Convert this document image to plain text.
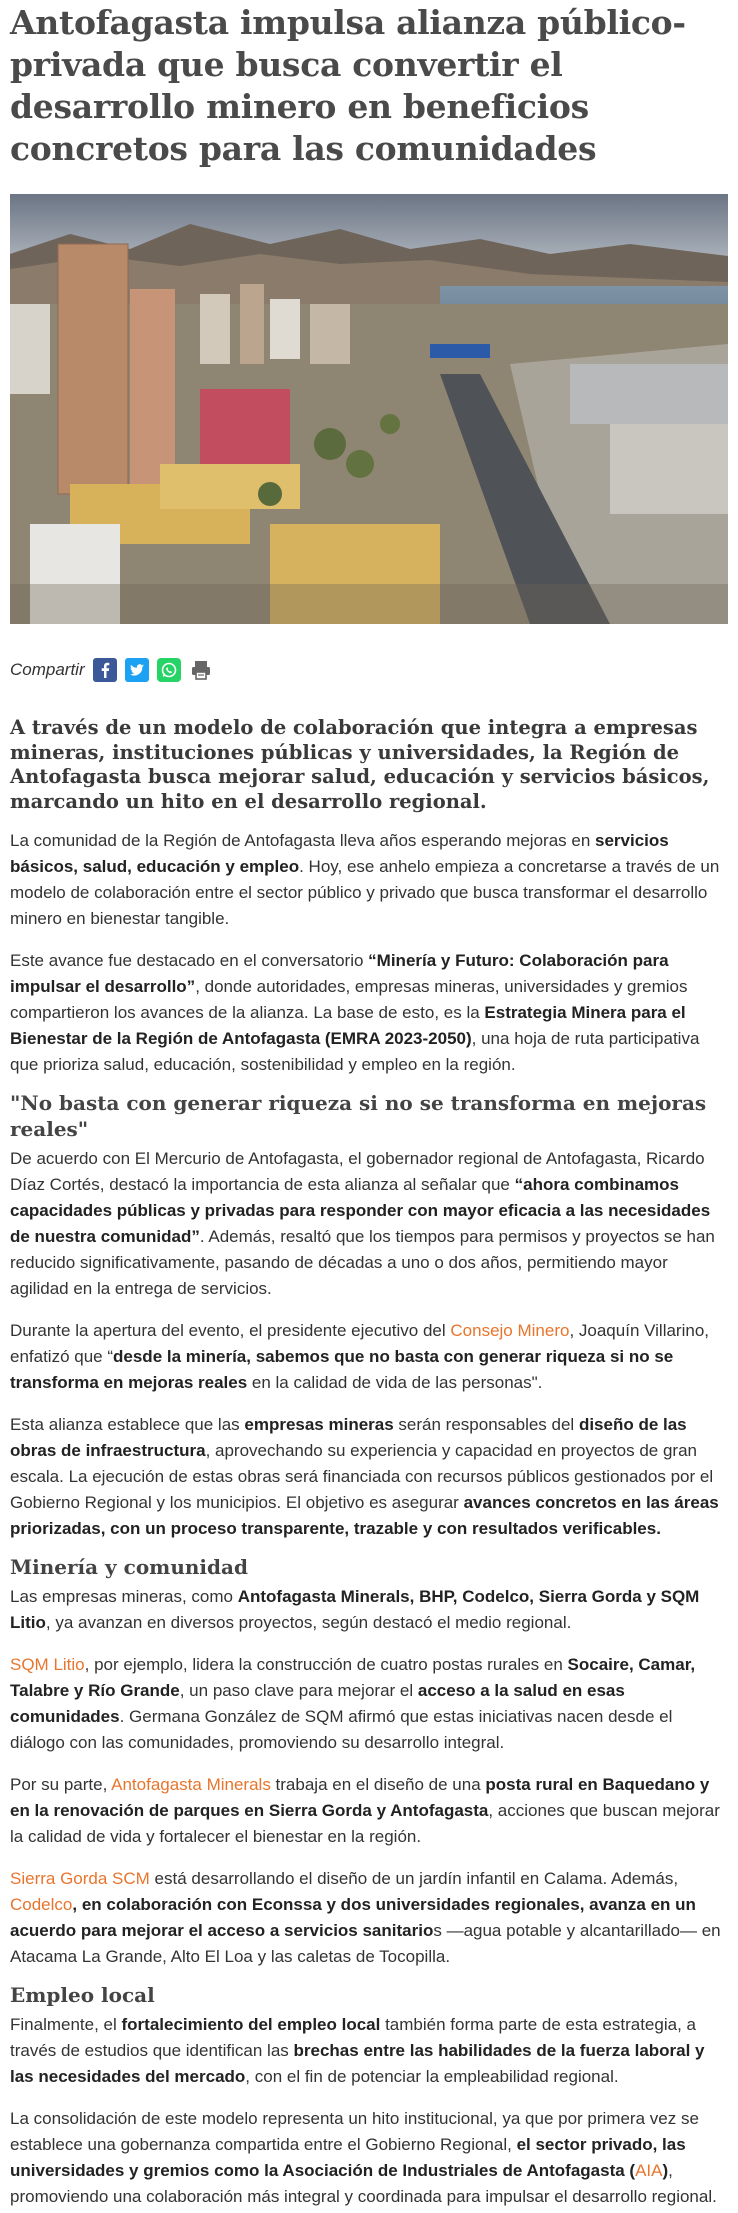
Antofagasta impulsa alianza público-privada que busca convertir el desarrollo minero en beneficios concretos para las comunidades
Compartir

A través de un modelo de colaboración que integra a empresas mineras, instituciones públicas y universidades, la Región de Antofagasta busca mejorar salud, educación y servicios básicos, marcando un hito en el desarrollo regional.

La comunidad de la Región de Antofagasta lleva años esperando mejoras en servicios básicos, salud, educación y empleo. Hoy, ese anhelo empieza a concretarse a través de un modelo de colaboración entre el sector público y privado que busca transformar el desarrollo minero en bienestar tangible.

Este avance fue destacado en el conversatorio “Minería y Futuro: Colaboración para impulsar el desarrollo”, donde autoridades, empresas mineras, universidades y gremios compartieron los avances de la alianza. La base de esto, es la Estrategia Minera para el Bienestar de la Región de Antofagasta (EMRA 2023-2050), una hoja de ruta participativa que prioriza salud, educación, sostenibilidad y empleo en la región.

"No basta con generar riqueza si no se transforma en mejoras reales"

De acuerdo con El Mercurio de Antofagasta, el gobernador regional de Antofagasta, Ricardo Díaz Cortés, destacó la importancia de esta alianza al señalar que “ahora combinamos capacidades públicas y privadas para responder con mayor eficacia a las necesidades de nuestra comunidad”. Además, resaltó que los tiempos para permisos y proyectos se han reducido significativamente, pasando de décadas a uno o dos años, permitiendo mayor agilidad en la entrega de servicios.

Durante la apertura del evento, el presidente ejecutivo del Consejo Minero, Joaquín Villarino, enfatizó que “desde la minería, sabemos que no basta con generar riqueza si no se transforma en mejoras reales en la calidad de vida de las personas".

Esta alianza establece que las empresas mineras serán responsables del diseño de las obras de infraestructura, aprovechando su experiencia y capacidad en proyectos de gran escala. La ejecución de estas obras será financiada con recursos públicos gestionados por el Gobierno Regional y los municipios. El objetivo es asegurar avances concretos en las áreas priorizadas, con un proceso transparente, trazable y con resultados verificables.

Minería y comunidad

Las empresas mineras, como Antofagasta Minerals, BHP, Codelco, Sierra Gorda y SQM Litio, ya avanzan en diversos proyectos, según destacó el medio regional.

SQM Litio, por ejemplo, lidera la construcción de cuatro postas rurales en Socaire, Camar, Talabre y Río Grande, un paso clave para mejorar el acceso a la salud en esas comunidades. Germana González de SQM afirmó que estas iniciativas nacen desde el diálogo con las comunidades, promoviendo su desarrollo integral.

Por su parte, Antofagasta Minerals trabaja en el diseño de una posta rural en Baquedano y en la renovación de parques en Sierra Gorda y Antofagasta, acciones que buscan mejorar la calidad de vida y fortalecer el bienestar en la región.

Sierra Gorda SCM está desarrollando el diseño de un jardín infantil en Calama. Además, Codelco, en colaboración con Econssa y dos universidades regionales, avanza en un acuerdo para mejorar el acceso a servicios sanitarios —agua potable y alcantarillado— en Atacama La Grande, Alto El Loa y las caletas de Tocopilla.

Empleo local

Finalmente, el fortalecimiento del empleo local también forma parte de esta estrategia, a través de estudios que identifican las brechas entre las habilidades de la fuerza laboral y las necesidades del mercado, con el fin de potenciar la empleabilidad regional.

La consolidación de este modelo representa un hito institucional, ya que por primera vez se establece una gobernanza compartida entre el Gobierno Regional, el sector privado, las universidades y gremios como la Asociación de Industriales de Antofagasta (AIA), promoviendo una colaboración más integral y coordinada para impulsar el desarrollo regional.
